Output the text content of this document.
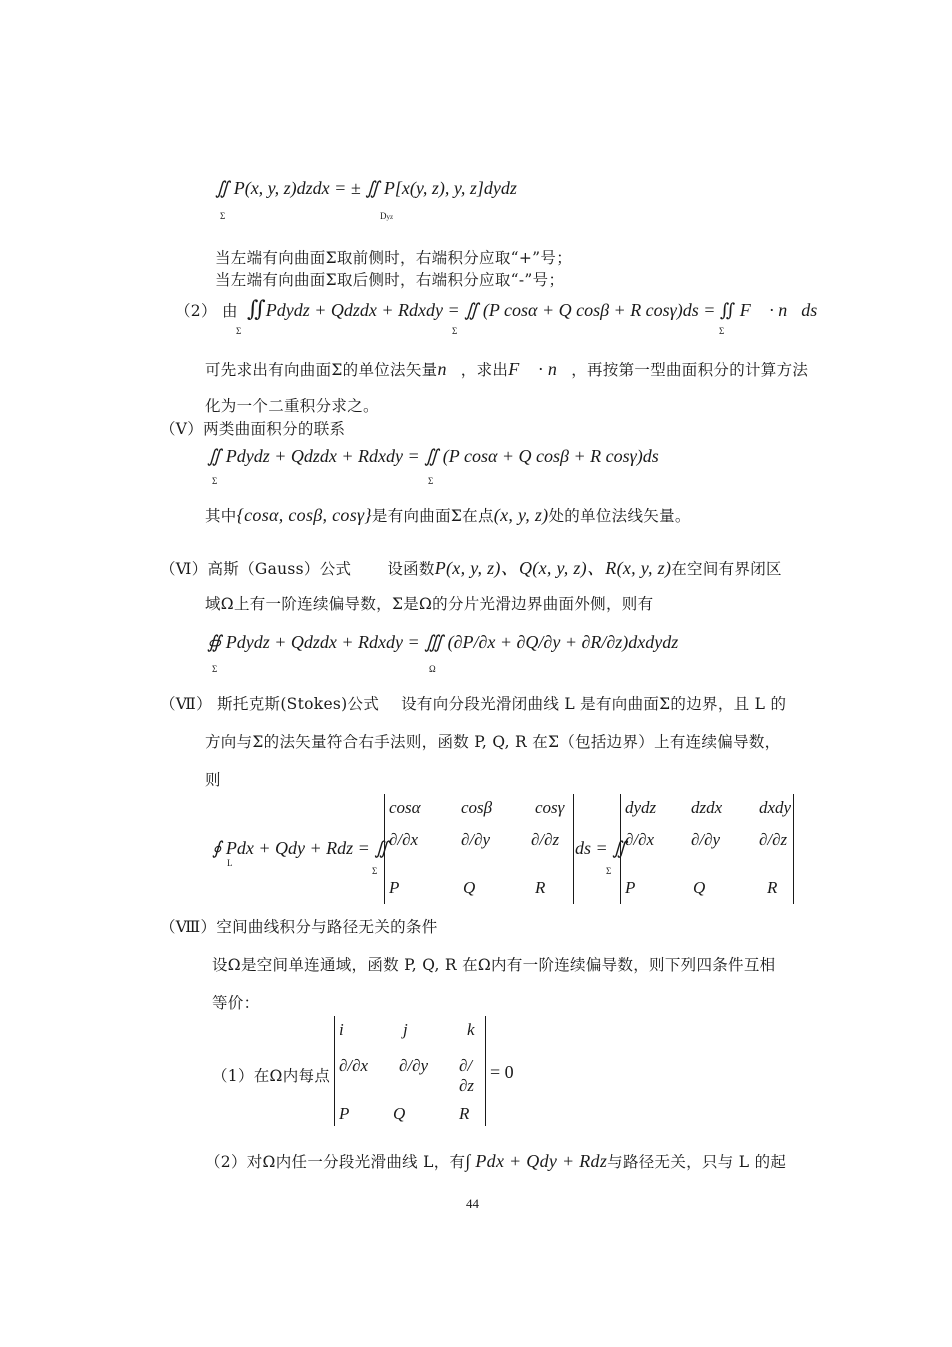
∬ P(x, y, z)dzdx = ± ∬ P[x(y, z), y, z]dydz
Σ	Dyz
当左端有向曲面Σ取前侧时，右端积分应取“+”号；
当左端有向曲面Σ取后侧时，右端积分应取“-”号；
（2） 由 ∬Pdydz + Qdzdx + Rdxdy = ∬ (P cosα + Q cosβ + R cosγ)ds = ∬ F⃗ · n⃗ds
Σ	Σ	Σ
可先求出有向曲面Σ的单位法矢量n⃗，求出F⃗ · n⃗，再按第一型曲面积分的计算方法
化为一个二重积分求之。
（Ⅴ）两类曲面积分的联系
∬ Pdydz + Qdzdx + Rdxdy = ∬ (P cosα + Q cosβ + R cosγ)ds
Σ	Σ
其中{cosα, cosβ, cosγ}是有向曲面Σ在点(x, y, z)处的单位法线矢量。
（Ⅵ）高斯（Gauss）公式 设函数P(x, y, z)、Q(x, y, z)、R(x, y, z)在空间有界闭区
域Ω上有一阶连续偏导数，Σ是Ω的分片光滑边界曲面外侧，则有
∯ Pdydz + Qdzdx + Rdxdy = ∭ (∂P/∂x + ∂Q/∂y + ∂R/∂z)dxdydz
Σ	Ω
（Ⅶ） 斯托克斯(Stokes)公式 设有向分段光滑闭曲线 L 是有向曲面Σ的边界，且 L 的
方向与Σ的法矢量符合右手法则，函数 P, Q, R 在Σ（包括边界）上有连续偏导数，
则
∮ Pdx + Qdy + Rdz = ∬
L
Σ
cosα cosβ	cosγ
∂/∂x	∂/∂y ∂/∂z
P	Q	R
ds = ∬
Σ
dydz dzdx dxdy
∂/∂x ∂/∂y ∂/∂z
P	Q	R
（Ⅷ）空间曲线积分与路径无关的条件
设Ω是空间单连通域，函数 P, Q, R 在Ω内有一阶连续偏导数，则下列四条件互相
等价：
（1）在Ω内每点
i⃗	j⃗	k⃗
∂/∂x ∂/∂y ∂/∂z
P	Q	R
= 0
（2）对Ω内任一分段光滑曲线 L，有∫ Pdx + Qdy + Rdz与路径无关，只与 L 的起
44
